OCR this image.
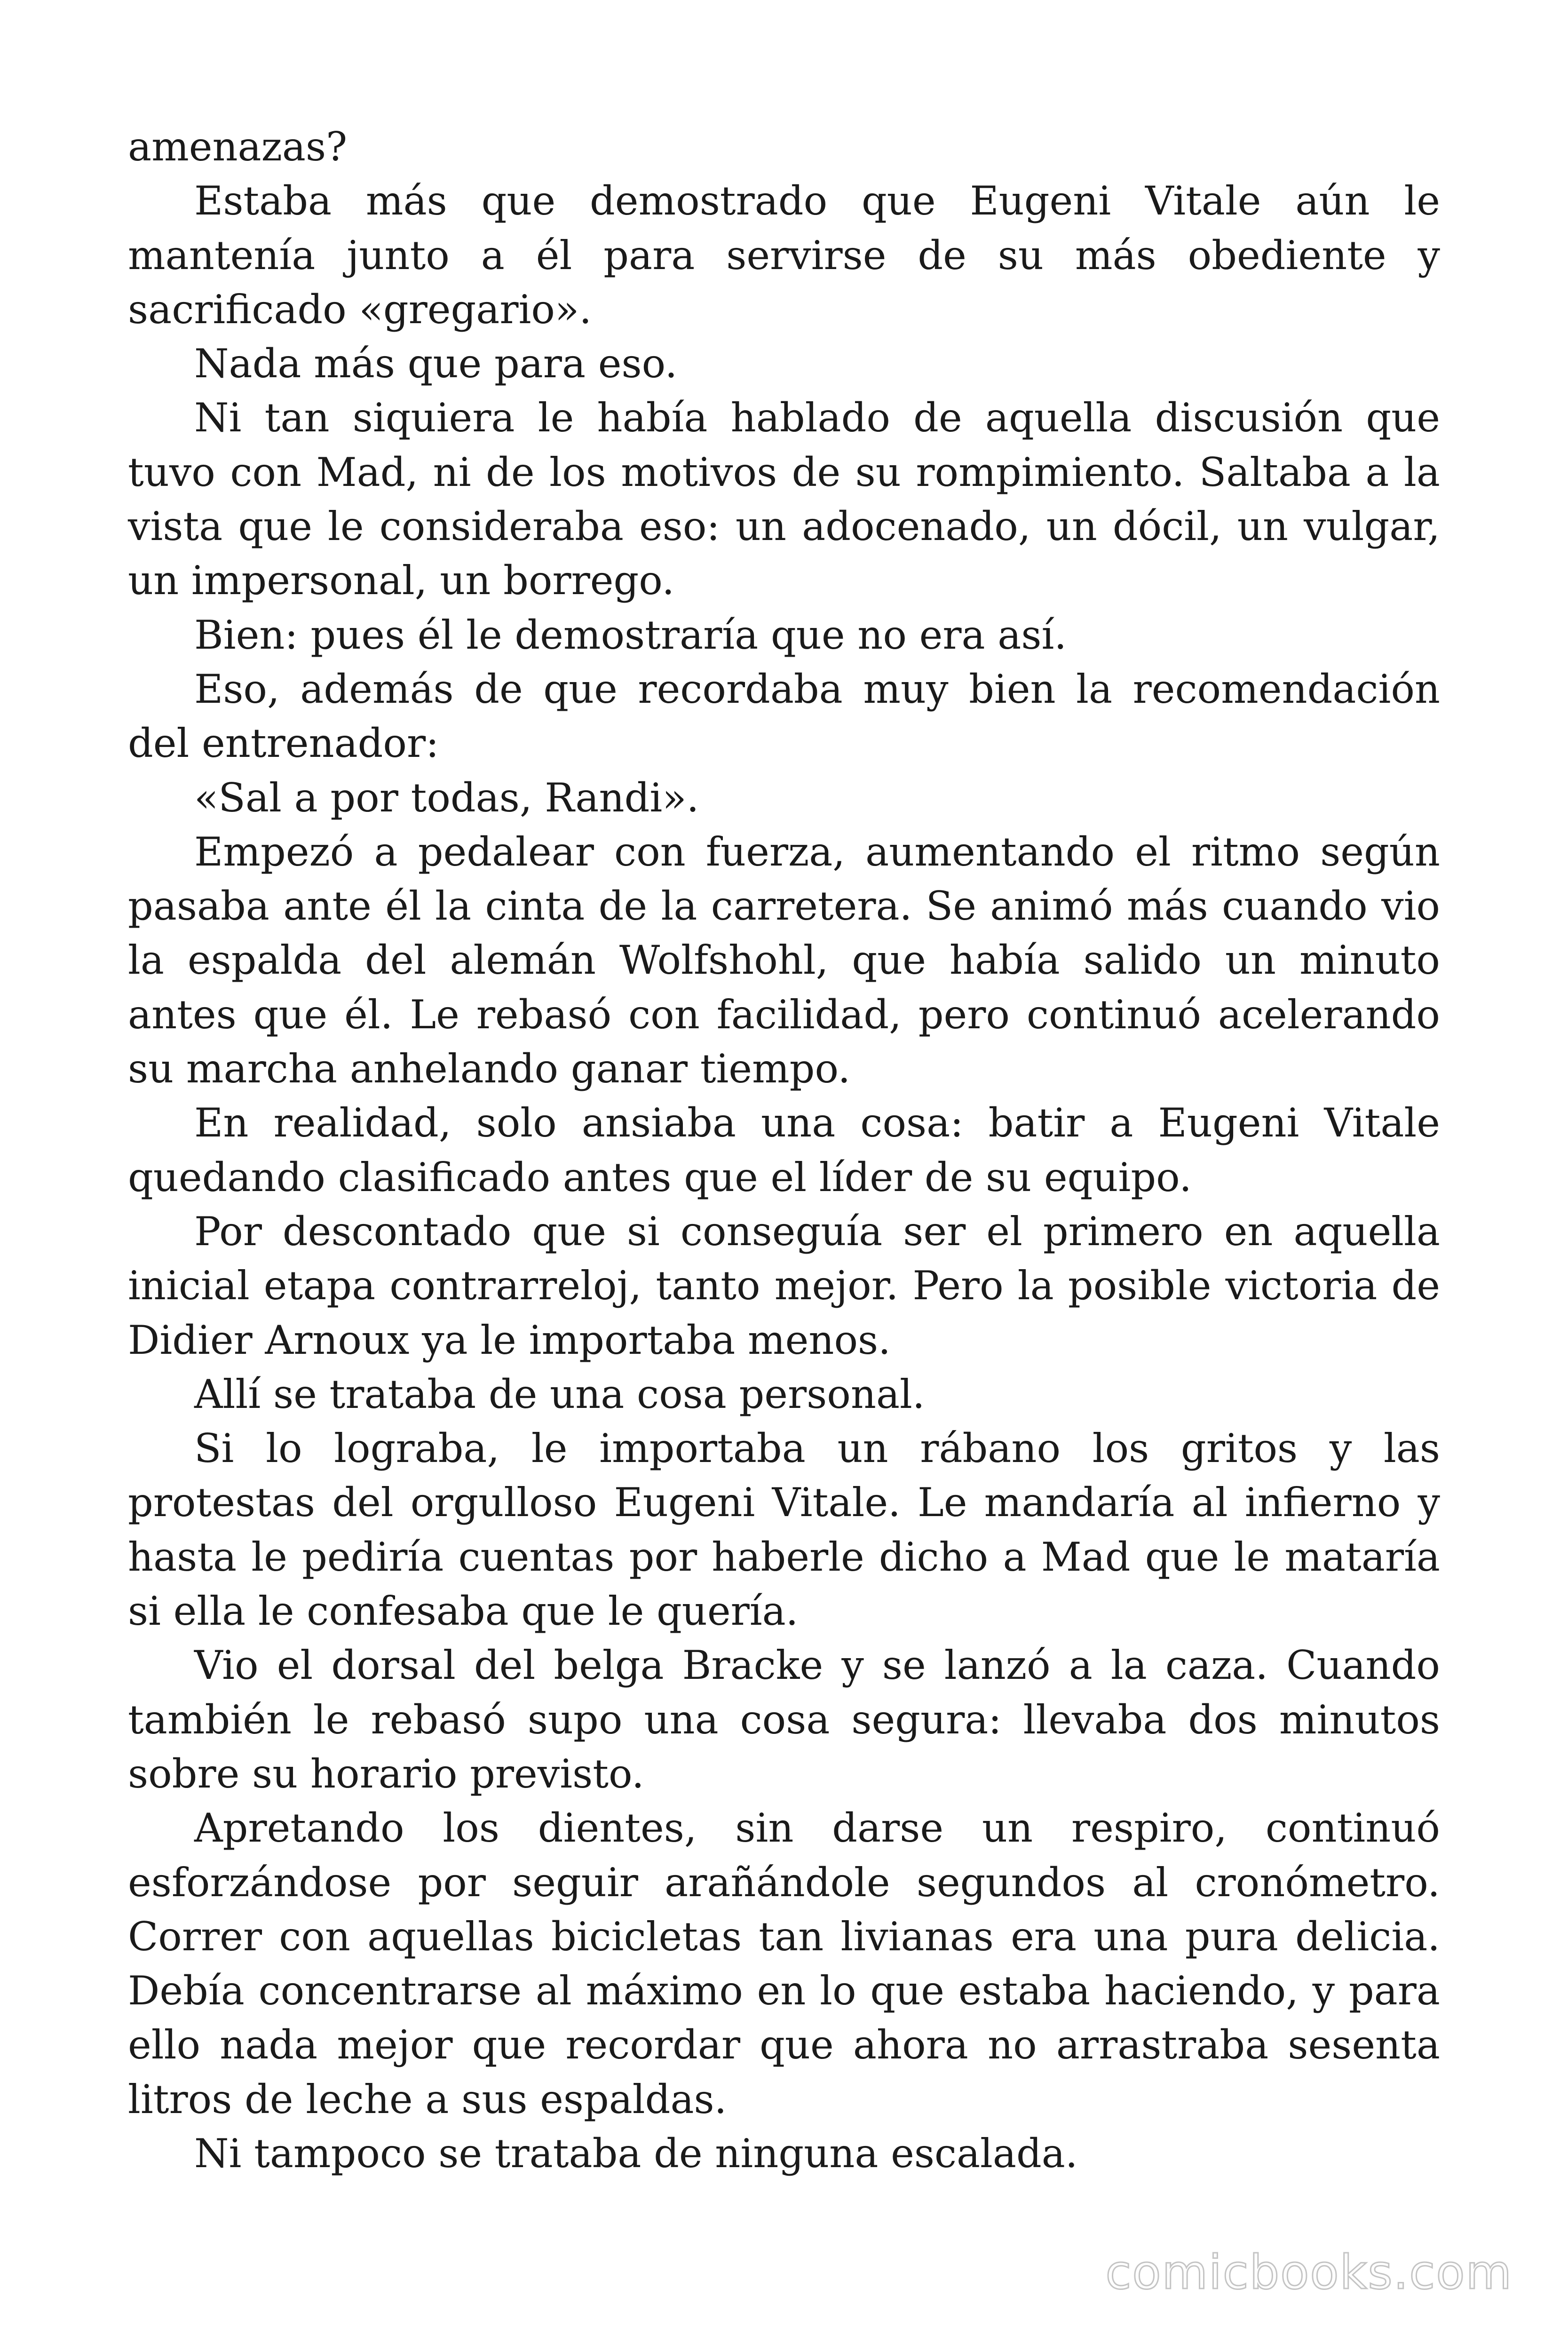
amenazas?

Estaba más que demostrado que Eugeni Vitale aún le mantenía junto a él para servirse de su más obediente y sacrificado «gregario».

Nada más que para eso.

Ni tan siquiera le había hablado de aquella discusión que tuvo con Mad, ni de los motivos de su rompimiento. Saltaba a la vista que le consideraba eso: un adocenado, un dócil, un vulgar, un impersonal, un borrego.

Bien: pues él le demostraría que no era así.

Eso, además de que recordaba muy bien la recomendación del entrenador:

«Sal a por todas, Randi».

Empezó a pedalear con fuerza, aumentando el ritmo según pasaba ante él la cinta de la carretera. Se animó más cuando vio la espalda del alemán Wolfshohl, que había salido un minuto antes que él. Le rebasó con facilidad, pero continuó acelerando su marcha anhelando ganar tiempo.

En realidad, solo ansiaba una cosa: batir a Eugeni Vitale quedando clasificado antes que el líder de su equipo.

Por descontado que si conseguía ser el primero en aquella inicial etapa contrarreloj, tanto mejor. Pero la posible victoria de Didier Arnoux ya le importaba menos.

Allí se trataba de una cosa personal.

Si lo lograba, le importaba un rábano los gritos y las protestas del orgulloso Eugeni Vitale. Le mandaría al infierno y hasta le pediría cuentas por haberle dicho a Mad que le mataría si ella le confesaba que le quería.

Vio el dorsal del belga Bracke y se lanzó a la caza. Cuando también le rebasó supo una cosa segura: llevaba dos minutos sobre su horario previsto.

Apretando los dientes, sin darse un respiro, continuó esforzándose por seguir arañándole segundos al cronómetro. Correr con aquellas bicicletas tan livianas era una pura delicia. Debía concentrarse al máximo en lo que estaba haciendo, y para ello nada mejor que recordar que ahora no arrastraba sesenta litros de leche a sus espaldas.

Ni tampoco se trataba de ninguna escalada.

comicbooks.com
